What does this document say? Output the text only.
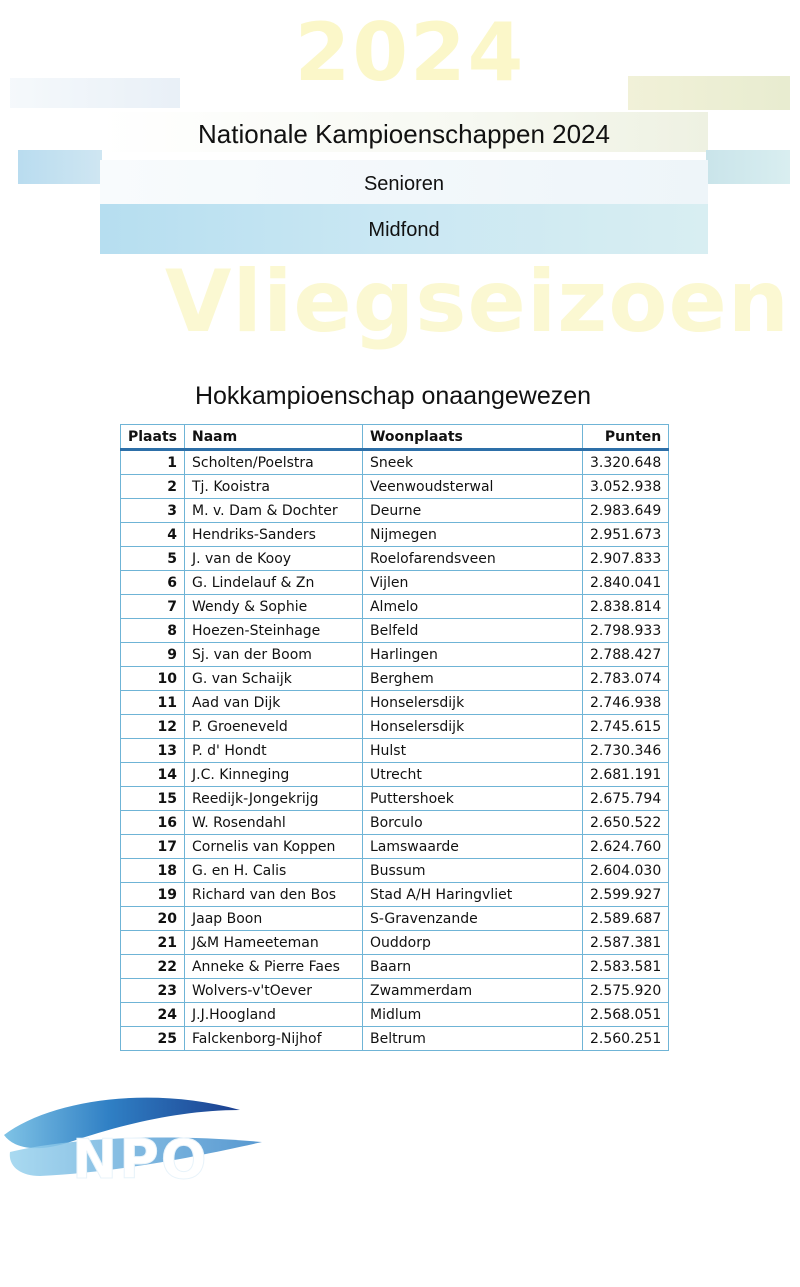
2024
Vliegseizoen
Nationale Kampioenschappen 2024
Senioren
Midfond
Hokkampioenschap onaangewezen
Plaats	Naam	Woonplaats	Punten
1	Scholten/Poelstra	Sneek	3.320.648
2	Tj. Kooistra	Veenwoudsterwal	3.052.938
3	M. v. Dam & Dochter	Deurne	2.983.649
4	Hendriks-Sanders	Nijmegen	2.951.673
5	J. van de Kooy	Roelofarendsveen	2.907.833
6	G. Lindelauf & Zn	Vijlen	2.840.041
7	Wendy & Sophie	Almelo	2.838.814
8	Hoezen-Steinhage	Belfeld	2.798.933
9	Sj. van der Boom	Harlingen	2.788.427
10	G. van Schaijk	Berghem	2.783.074
11	Aad van Dijk	Honselersdijk	2.746.938
12	P. Groeneveld	Honselersdijk	2.745.615
13	P. d' Hondt	Hulst	2.730.346
14	J.C. Kinneging	Utrecht	2.681.191
15	Reedijk-Jongekrijg	Puttershoek	2.675.794
16	W. Rosendahl	Borculo	2.650.522
17	Cornelis van Koppen	Lamswaarde	2.624.760
18	G. en H. Calis	Bussum	2.604.030
19	Richard van den Bos	Stad A/H Haringvliet	2.599.927
20	Jaap Boon	S-Gravenzande	2.589.687
21	J&M Hameeteman	Ouddorp	2.587.381
22	Anneke & Pierre Faes	Baarn	2.583.581
23	Wolvers-v'tOever	Zwammerdam	2.575.920
24	J.J.Hoogland	Midlum	2.568.051
25	Falckenborg-Nijhof	Beltrum	2.560.251
NPO
